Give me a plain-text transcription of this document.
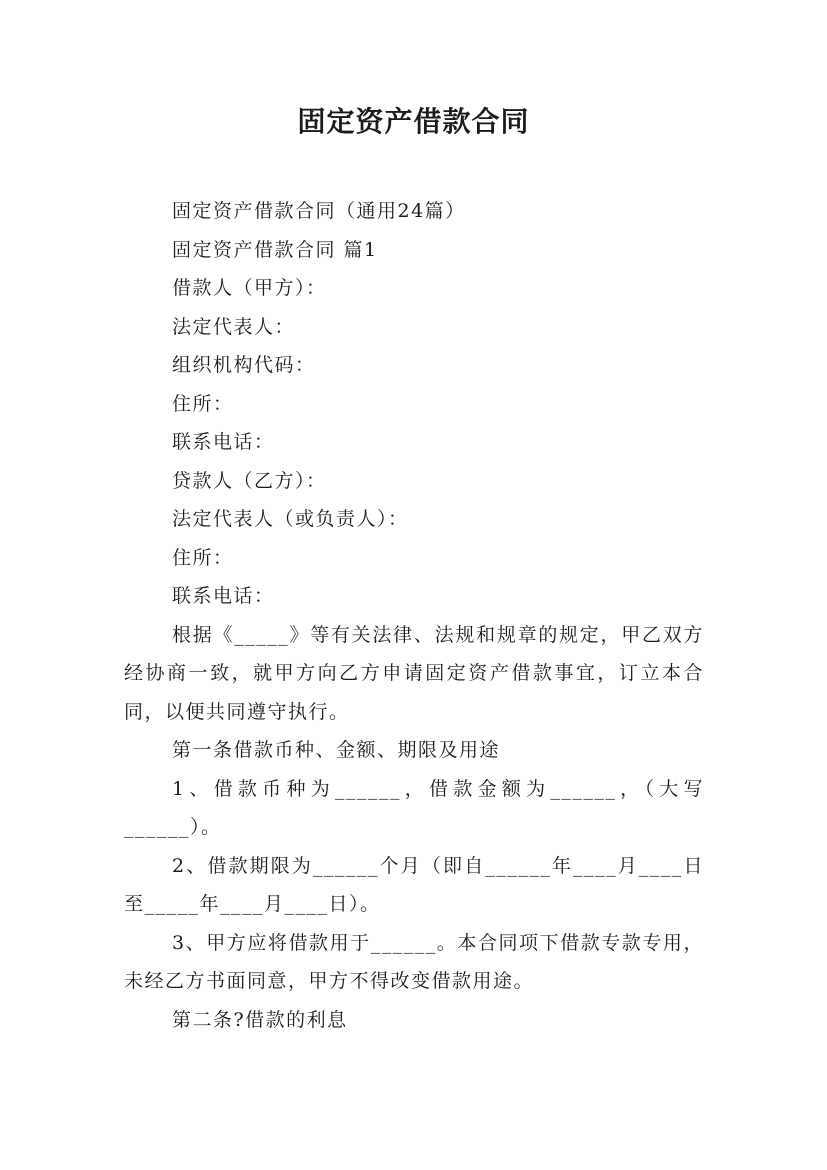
固定资产借款合同

固定资产借款合同（通用24篇）

固定资产借款合同 篇1

借款人（甲方）：

法定代表人：

组织机构代码：

住所：

联系电话：

贷款人（乙方）：

法定代表人（或负责人）：

住所：

联系电话：

根据《_____》等有关法律、法规和规章的规定，甲乙双方经协商一致，就甲方向乙方申请固定资产借款事宜，订立本合同，以便共同遵守执行。

第一条借款币种、金额、期限及用途

1、借款币种为______，借款金额为______，（大写______）。

2、借款期限为______个月（即自______年____月____日至_____年____月____日）。

3、甲方应将借款用于______。本合同项下借款专款专用，未经乙方书面同意，甲方不得改变借款用途。

第二条?借款的利息
